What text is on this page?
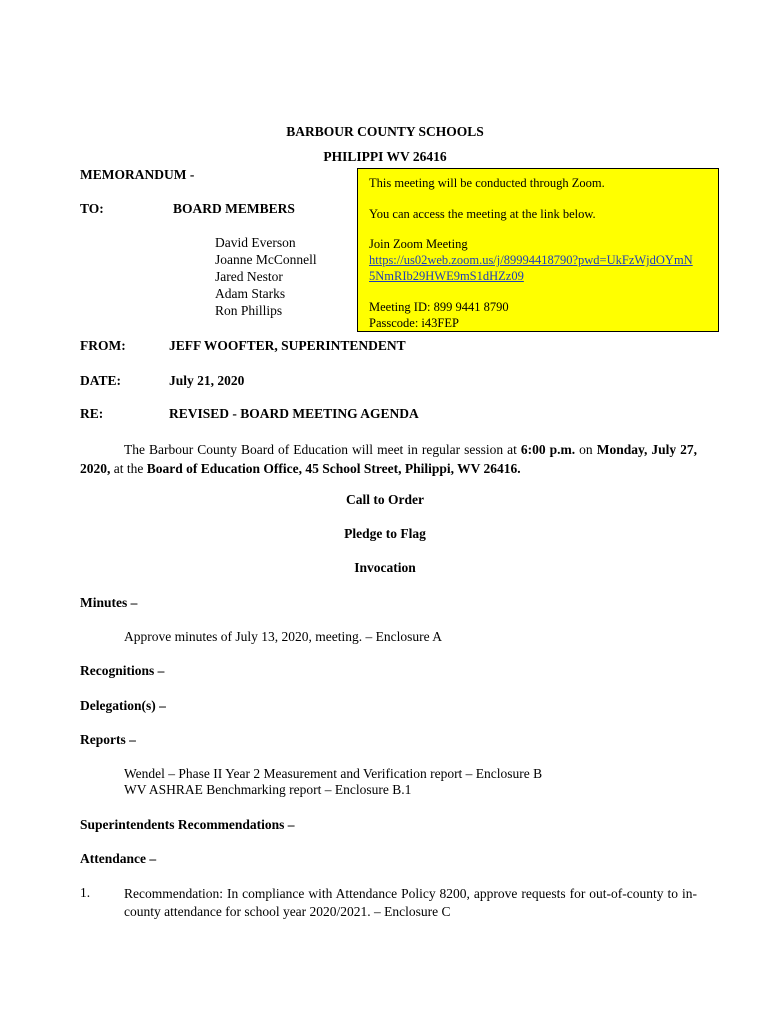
BARBOUR COUNTY SCHOOLS
PHILIPPI WV 26416
MEMORANDUM -
TO:	BOARD MEMBERS
David Everson
Joanne McConnell
Jared Nestor
Adam Starks
Ron Phillips
This meeting will be conducted through Zoom.
You can access the meeting at the link below.
Join Zoom Meeting
https://us02web.zoom.us/j/89994418790?pwd=UkFzWjdOYmN
5NmRIb29HWE9mS1dHZz09
Meeting ID: 899 9441 8790
Passcode: i43FEP
FROM:	JEFF WOOFTER, SUPERINTENDENT
DATE:	July 21, 2020
RE:	REVISED - BOARD MEETING AGENDA
The Barbour County Board of Education will meet in regular session at 6:00 p.m. on Monday, July 27, 2020, at the Board of Education Office, 45 School Street, Philippi, WV 26416.
Call to Order
Pledge to Flag
Invocation
Minutes –
Approve minutes of July 13, 2020, meeting. – Enclosure A
Recognitions –
Delegation(s) –
Reports –
Wendel – Phase II Year 2 Measurement and Verification report – Enclosure B
WV ASHRAE Benchmarking report – Enclosure B.1
Superintendents Recommendations –
Attendance –
1.	Recommendation: In compliance with Attendance Policy 8200, approve requests for out-of-county to in-county attendance for school year 2020/2021. – Enclosure C
